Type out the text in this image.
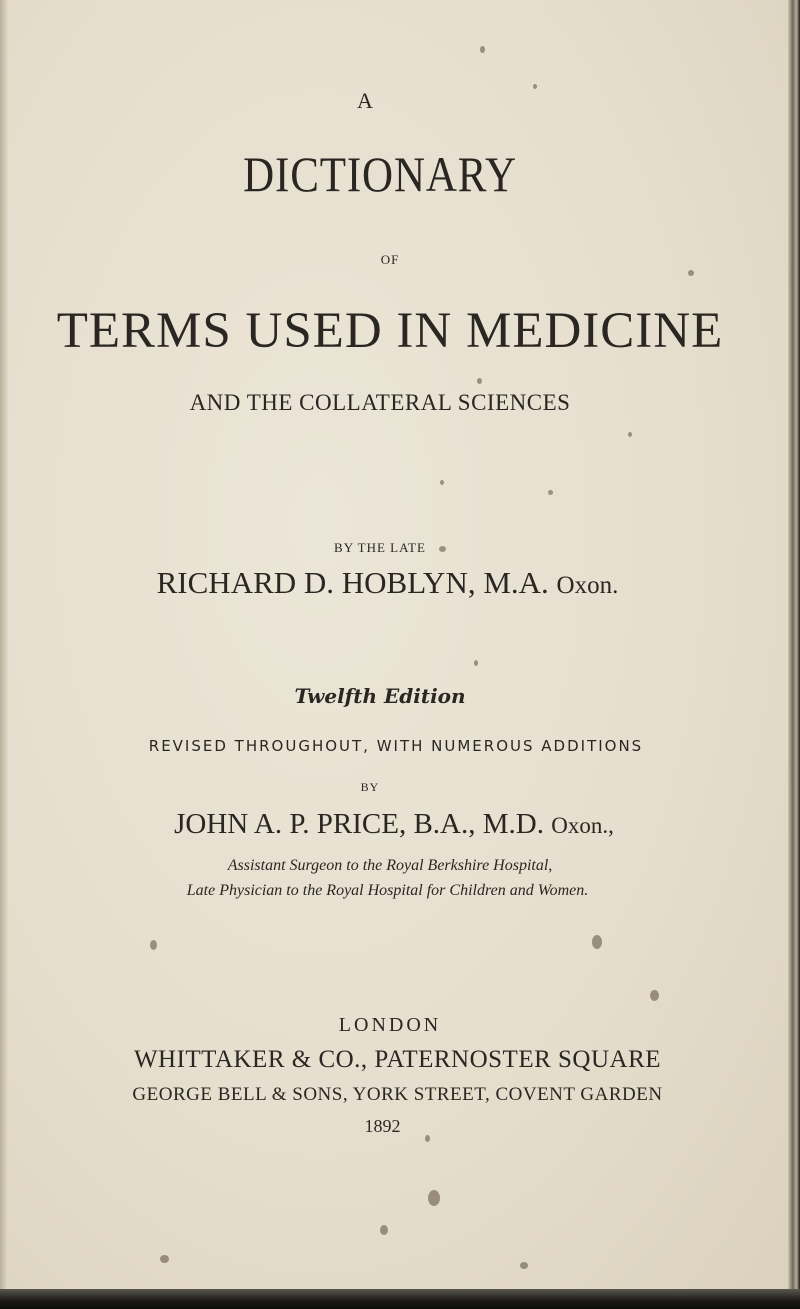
A
DICTIONARY
OF
TERMS USED IN MEDICINE
AND THE COLLATERAL SCIENCES
BY THE LATE
RICHARD D. HOBLYN, M.A. Oxon.
Twelfth Edition
REVISED THROUGHOUT, WITH NUMEROUS ADDITIONS
BY
JOHN A. P. PRICE, B.A., M.D. Oxon.,
Assistant Surgeon to the Royal Berkshire Hospital,
Late Physician to the Royal Hospital for Children and Women.
LONDON
WHITTAKER & CO., PATERNOSTER SQUARE
GEORGE BELL & SONS, YORK STREET, COVENT GARDEN
1892
